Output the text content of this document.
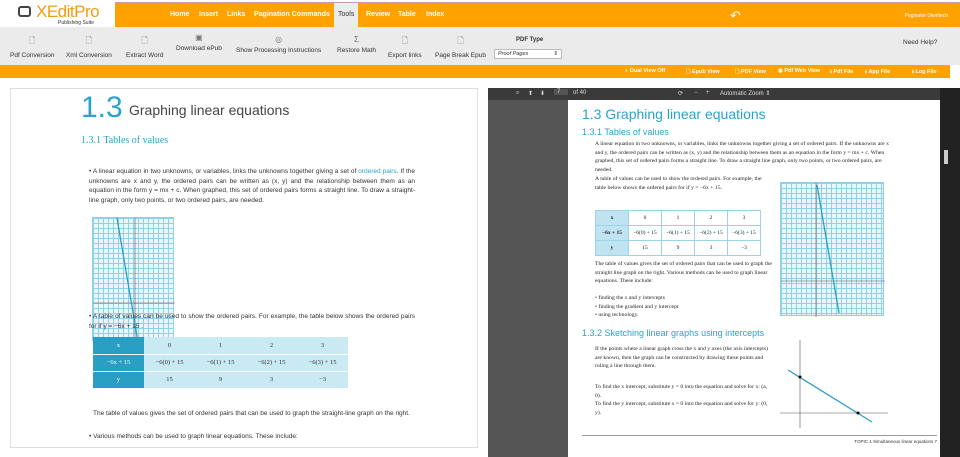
XEditPro
Publishing Suite
Home Insert Links Pagination Commands	Tools	Review Table Index	↶	Paginator Diwritech
🗋
Pdf Conversion
🗋
Xml Conversion
🗋
Extract Word
▣
Download ePub
◎
Show Processing Instructions
Σ
Restore Math
🗋
Export links
🗋
Page Break Epub
PDF Type
Proof Pages	⇕
Need Help?
◐ Dual View Off	🗋 Epub View	🗋 PDF View ◉ Pdf Web View ⭳ Pdf File ⭳ App File	⭳ Log File
1.3 Graphing linear equations
1.3.1 Tables of values
• A linear equation in two unknowns, or variables, links the unknowns together giving a set of ordered pairs. If the unknowns are x and y, the ordered pairs can be written as (x, y) and the relationship between them as an equation in the form y = mx + c. When graphed, this set of ordered pairs forms a straight line. To draw a straight-line graph, only two points, or two ordered pairs, are needed.
• A table of values can be used to show the ordered pairs. For example, the table below shows the ordered pairs for if y = −6x + 15 .
x	0	1	2	3
−6x + 15	−6(0) + 15	−6(1) + 15	−6(2) + 15	−6(3) + 15
y	15	9	3	−3
The table of values gives the set of ordered pairs that can be used to graph the straight-line graph on the right.
• Various methods can be used to graph linear equations. These include:
⌕ ⬆ ⬇	7	of 40	⟳ − + Automatic Zoom ⇕
1.3 Graphing linear equations
1.3.1 Tables of values
A linear equation in two unknowns, or variables, links the unknowns together giving a set of ordered pairs. If the unknowns are x and y, the ordered pairs can be written as (x, y) and the relationship between them as an equation in the form y = mx + c. When graphed, this set of ordered pairs forms a straight line. To draw a straight line graph, only two points, or two ordered pairs, are needed.
A table of values can be used to show the ordered pairs. For example, the table below shows the ordered pairs for if y = −6x + 15.
x	0	1	2	3
−6x + 15	−6(0) + 15	−6(1) + 15	−6(2) + 15	−6(3) + 15
y	15	9	3	−3
The table of values gives the set of ordered pairs that can be used to graph the straight line graph on the right. Various methods can be used to graph linear equations. These include:
• finding the x and y intercepts
• finding the gradient and y intercept
• using technology.
1.3.2 Sketching linear graphs using intercepts
If the points where a linear graph cross the x and y axes (the axis intercepts) are known, then the graph can be constructed by drawing these points and ruling a line through them.
To find the x intercept, substitute y = 0 into the equation and solve for x: (a, 0).
To find the y intercept, substitute x = 0 into the equation and solve for y: (0, y).
TOPIC 1 Simultaneous linear equations 7
